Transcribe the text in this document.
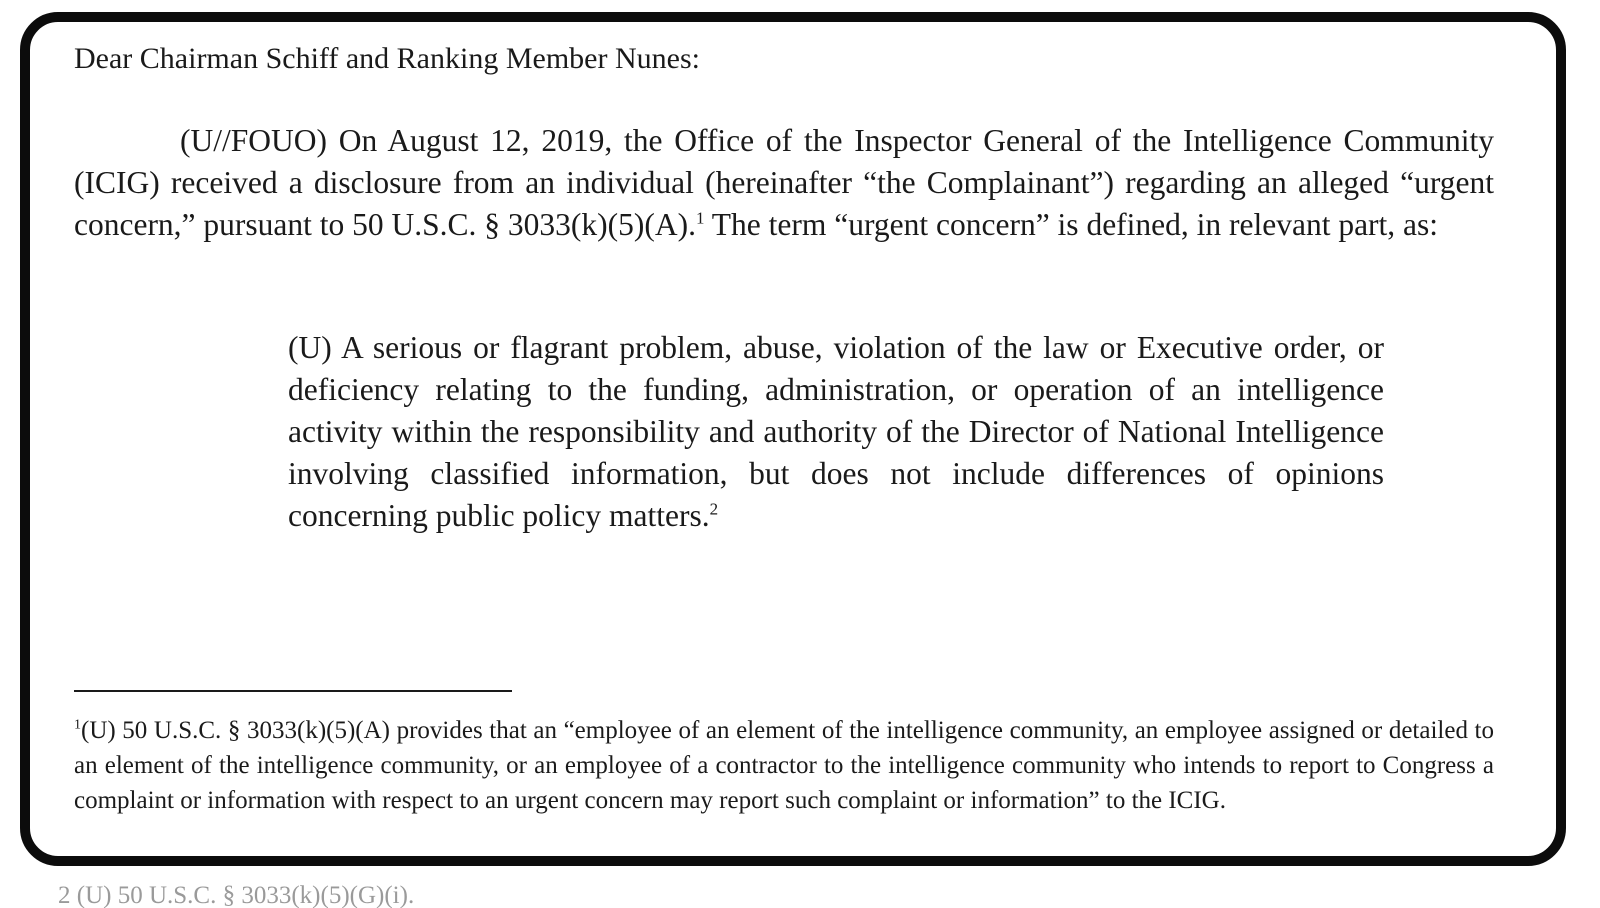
Dear Chairman Schiff and Ranking Member Nunes:
(U//FOUO) On August 12, 2019, the Office of the Inspector General of the Intelligence Community (ICIG) received a disclosure from an individual (hereinafter “the Complainant”) regarding an alleged “urgent concern,” pursuant to 50 U.S.C. § 3033(k)(5)(A).$^1$ The term “urgent concern” is defined, in relevant part, as:
(U) A serious or flagrant problem, abuse, violation of the law or Executive order, or deficiency relating to the funding, administration, or operation of an intelligence activity within the responsibility and authority of the Director of National Intelligence involving classified information, but does not include differences of opinions concerning public policy matters.$^2$
$^1$(U) 50 U.S.C. § 3033(k)(5)(A) provides that an “employee of an element of the intelligence community, an employee assigned or detailed to an element of the intelligence community, or an employee of a contractor to the intelligence community who intends to report to Congress a complaint or information with respect to an urgent concern may report such complaint or information” to the ICIG.
2 (U) 50 U.S.C. § 3033(k)(5)(G)(i).
